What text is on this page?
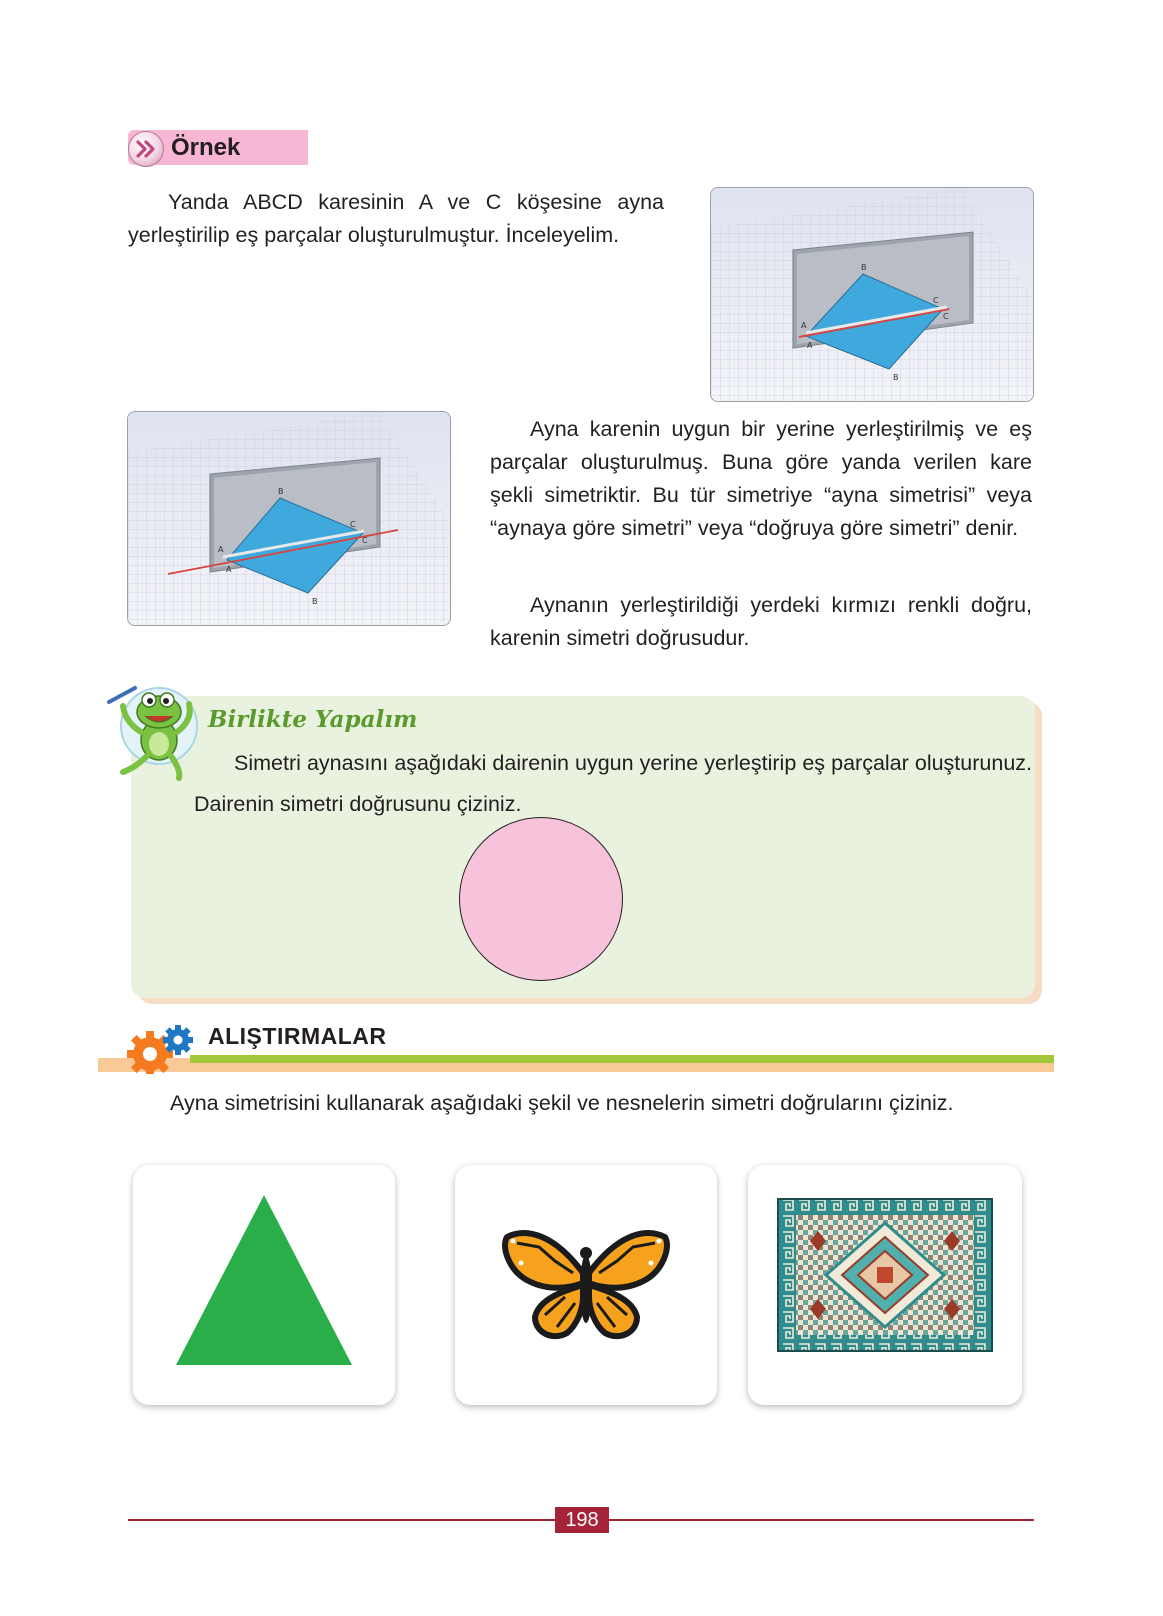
Örnek
Yanda ABCD karesinin A ve C köşesine ayna yerleştirilip eş parçalar oluşturulmuştur. İnceleyelim.
A
A
B
B
C
C
A
A
B
B
C
C
Ayna karenin uygun bir yerine yerleştirilmiş ve eş parçalar oluşturulmuş. Buna göre yanda verilen kare şekli simetriktir. Bu tür simetriye “ayna simetrisi” veya “aynaya göre simetri” veya “doğruya göre simetri” denir.
Aynanın yerleştirildiği yerdeki kırmızı renkli doğru, karenin simetri doğrusudur.
Birlikte Yapalım
Simetri aynasını aşağıdaki dairenin uygun yerine yerleştirip eş parçalar oluşturunuz. Dairenin simetri doğrusunu çiziniz.
ALIŞTIRMALAR
Ayna simetrisini kullanarak aşağıdaki şekil ve nesnelerin simetri doğrularını çiziniz.
198
